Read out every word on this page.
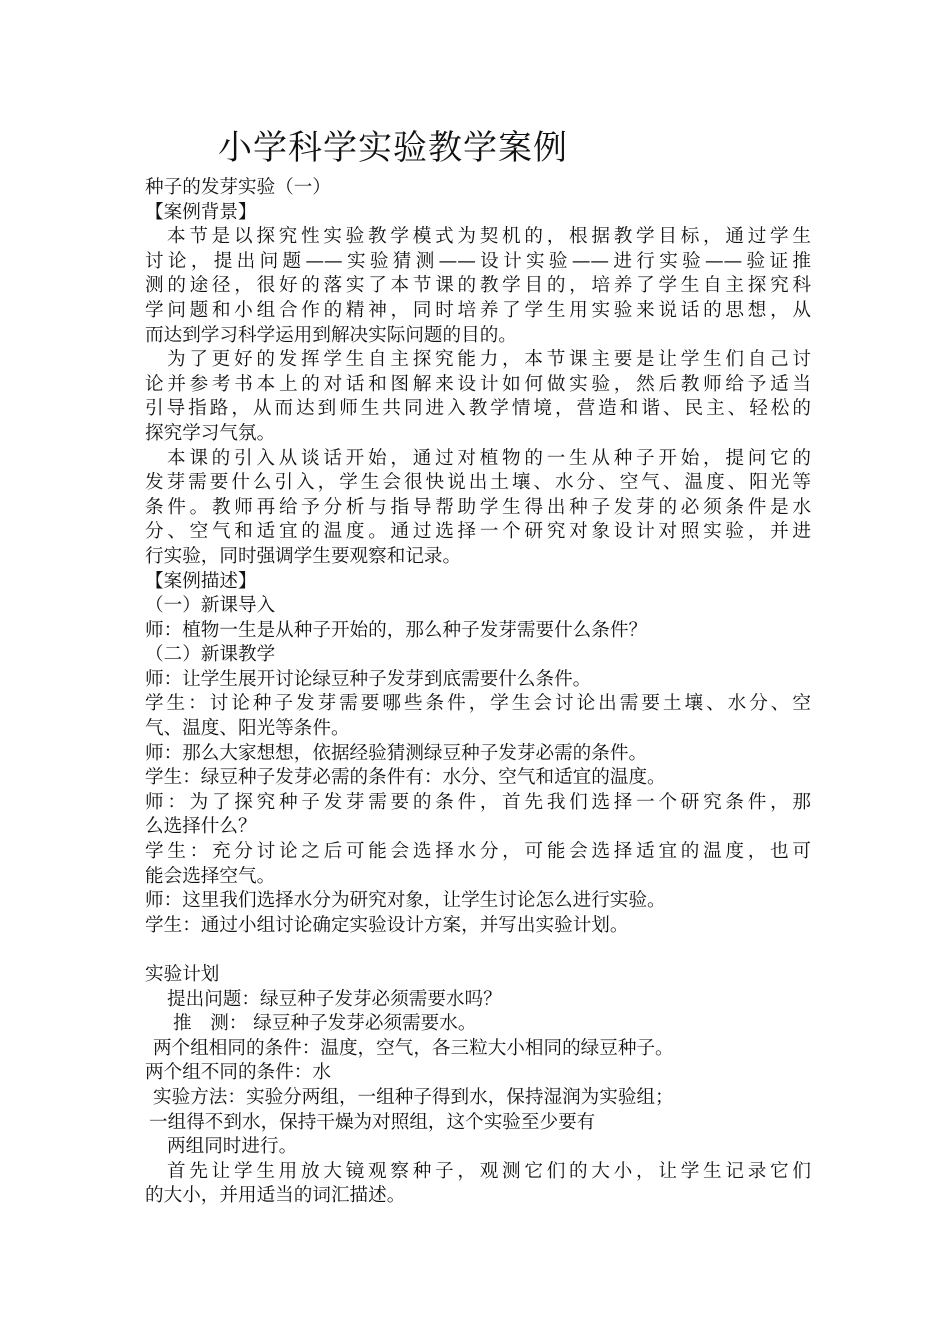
小学科学实验教学案例
种子的发芽实验（一）
【案例背景】
本节是以探究性实验教学模式为契机的，根据教学目标，通过学生
讨论，提出问题——实验猜测——设计实验——进行实验——验证推
测的途径，很好的落实了本节课的教学目的，培养了学生自主探究科
学问题和小组合作的精神，同时培养了学生用实验来说话的思想，从
而达到学习科学运用到解决实际问题的目的。
为了更好的发挥学生自主探究能力，本节课主要是让学生们自己讨
论并参考书本上的对话和图解来设计如何做实验，然后教师给予适当
引导指路，从而达到师生共同进入教学情境，营造和谐、民主、轻松的
探究学习气氛。
本课的引入从谈话开始，通过对植物的一生从种子开始，提问它的
发芽需要什么引入，学生会很快说出土壤、水分、空气、温度、阳光等
条件。教师再给予分析与指导帮助学生得出种子发芽的必须条件是水
分、空气和适宜的温度。通过选择一个研究对象设计对照实验，并进
行实验，同时强调学生要观察和记录。
【案例描述】
（一）新课导入
师：植物一生是从种子开始的，那么种子发芽需要什么条件？
（二）新课教学
师：让学生展开讨论绿豆种子发芽到底需要什么条件。
学生：讨论种子发芽需要哪些条件，学生会讨论出需要土壤、水分、空
气、温度、阳光等条件。
师：那么大家想想，依据经验猜测绿豆种子发芽必需的条件。
学生：绿豆种子发芽必需的条件有：水分、空气和适宜的温度。
师：为了探究种子发芽需要的条件，首先我们选择一个研究条件，那
么选择什么？
学生：充分讨论之后可能会选择水分，可能会选择适宜的温度，也可
能会选择空气。
师：这里我们选择水分为研究对象，让学生讨论怎么进行实验。
学生：通过小组讨论确定实验设计方案，并写出实验计划。
实验计划
提出问题：绿豆种子发芽必须需要水吗？
推　测： 绿豆种子发芽必须需要水。
两个组相同的条件：温度，空气，各三粒大小相同的绿豆种子。
两个组不同的条件：水
实验方法：实验分两组，一组种子得到水，保持湿润为实验组；
一组得不到水，保持干燥为对照组，这个实验至少要有
两组同时进行。
首先让学生用放大镜观察种子，观测它们的大小，让学生记录它们
的大小，并用适当的词汇描述。
